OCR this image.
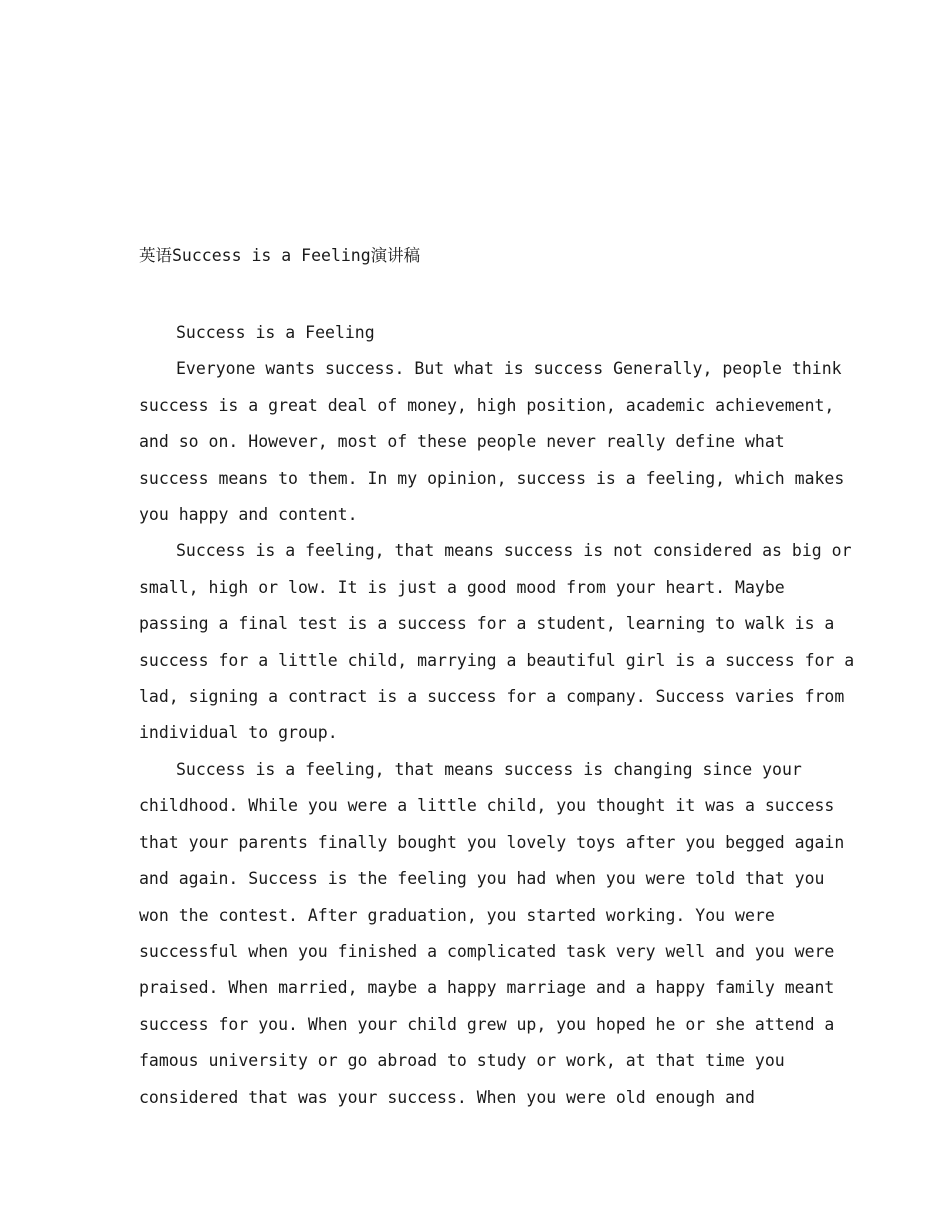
英语Success is a Feeling演讲稿

Success is a Feeling

Everyone wants success. But what is success Generally, people think
success is a great deal of money, high position, academic achievement,
and so on. However, most of these people never really define what
success means to them. In my opinion, success is a feeling, which makes
you happy and content.

Success is a feeling, that means success is not considered as big or
small, high or low. It is just a good mood from your heart. Maybe
passing a final test is a success for a student, learning to walk is a
success for a little child, marrying a beautiful girl is a success for a
lad, signing a contract is a success for a company. Success varies from
individual to group.

Success is a feeling, that means success is changing since your
childhood. While you were a little child, you thought it was a success
that your parents finally bought you lovely toys after you begged again
and again. Success is the feeling you had when you were told that you
won the contest. After graduation, you started working. You were
successful when you finished a complicated task very well and you were
praised. When married, maybe a happy marriage and a happy family meant
success for you. When your child grew up, you hoped he or she attend a
famous university or go abroad to study or work, at that time you
considered that was your success. When you were old enough and
